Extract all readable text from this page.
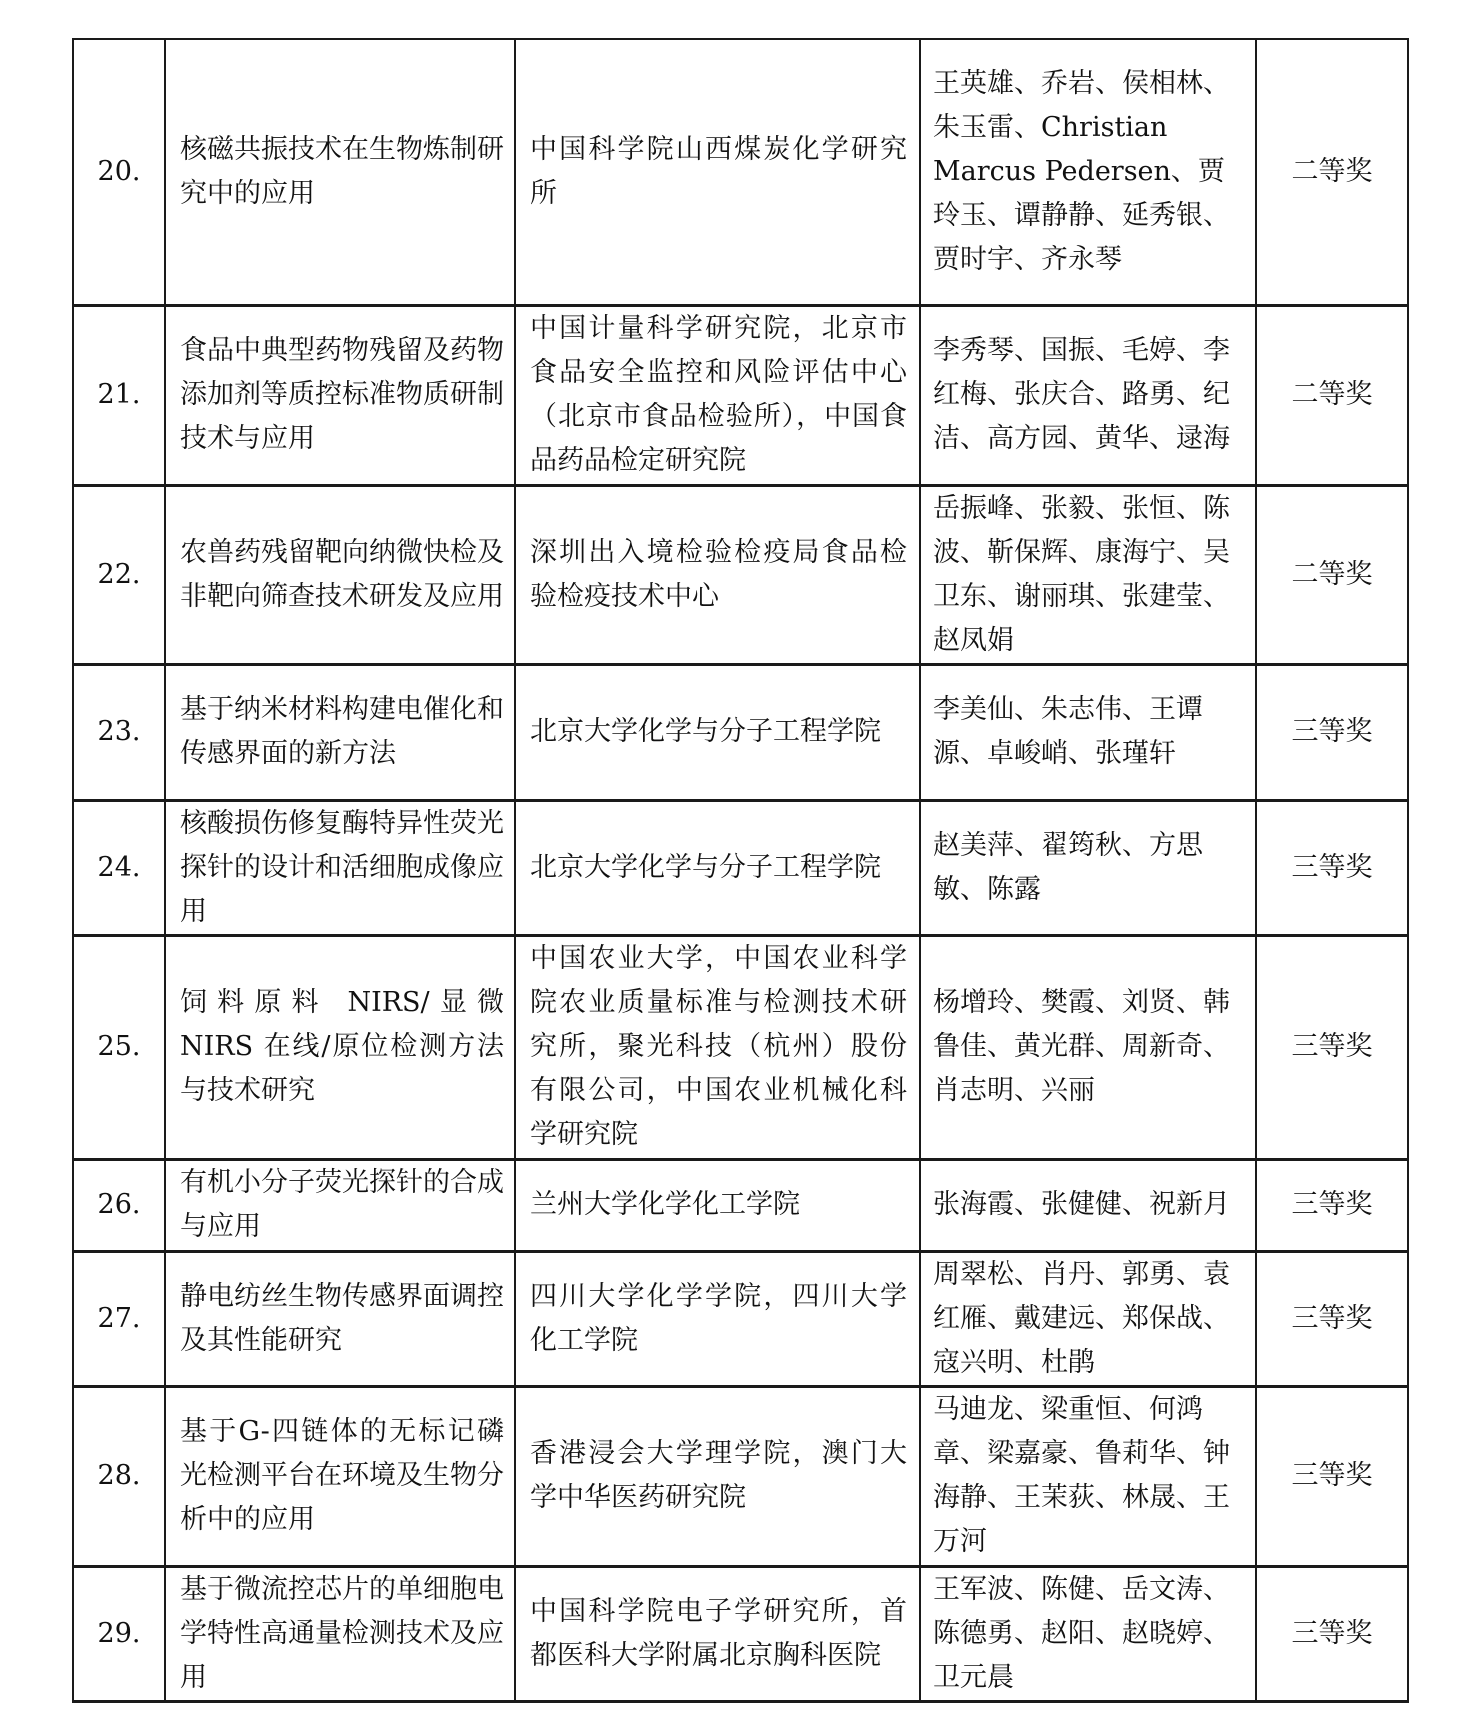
20.	核磁共振技术在生物炼制研究中的应用	中国科学院山西煤炭化学研究所	王英雄、乔岩、侯相林、朱玉雷、Christian Marcus Pedersen、贾玲玉、谭静静、延秀银、贾时宇、齐永琴	二等奖

21.	食品中典型药物残留及药物添加剂等质控标准物质研制技术与应用	中国计量科学研究院，北京市食品安全监控和风险评估中心（北京市食品检验所），中国食品药品检定研究院	李秀琴、国振、毛婷、李红梅、张庆合、路勇、纪洁、高方园、黄华、逯海	二等奖

22.	农兽药残留靶向纳微快检及非靶向筛查技术研发及应用	深圳出入境检验检疫局食品检验检疫技术中心	岳振峰、张毅、张恒、陈波、靳保辉、康海宁、吴卫东、谢丽琪、张建莹、赵凤娟	二等奖

23.	基于纳米材料构建电催化和传感界面的新方法	北京大学化学与分子工程学院	李美仙、朱志伟、王谭源、卓峻峭、张瑾轩	三等奖

24.	核酸损伤修复酶特异性荧光探针的设计和活细胞成像应用	北京大学化学与分子工程学院	赵美萍、翟筠秋、方思敏、陈露	三等奖

25.	饲料原料 NIRS/显微 NIRS 在线/原位检测方法与技术研究	中国农业大学，中国农业科学院农业质量标准与检测技术研究所，聚光科技（杭州）股份有限公司，中国农业机械化科学研究院	杨增玲、樊霞、刘贤、韩鲁佳、黄光群、周新奇、肖志明、兴丽	三等奖

26.	有机小分子荧光探针的合成与应用	兰州大学化学化工学院	张海霞、张健健、祝新月	三等奖

27.	静电纺丝生物传感界面调控及其性能研究	四川大学化学学院，四川大学化工学院	周翠松、肖丹、郭勇、袁红雁、戴建远、郑保战、寇兴明、杜鹃	三等奖

28.	基于G-四链体的无标记磷光检测平台在环境及生物分析中的应用	香港浸会大学理学院，澳门大学中华医药研究院	马迪龙、梁重恒、何鸿章、梁嘉豪、鲁莉华、钟海静、王茉荻、林晟、王万河	三等奖

29.	基于微流控芯片的单细胞电学特性高通量检测技术及应用	中国科学院电子学研究所，首都医科大学附属北京胸科医院	王军波、陈健、岳文涛、陈德勇、赵阳、赵晓婷、卫元晨	三等奖
